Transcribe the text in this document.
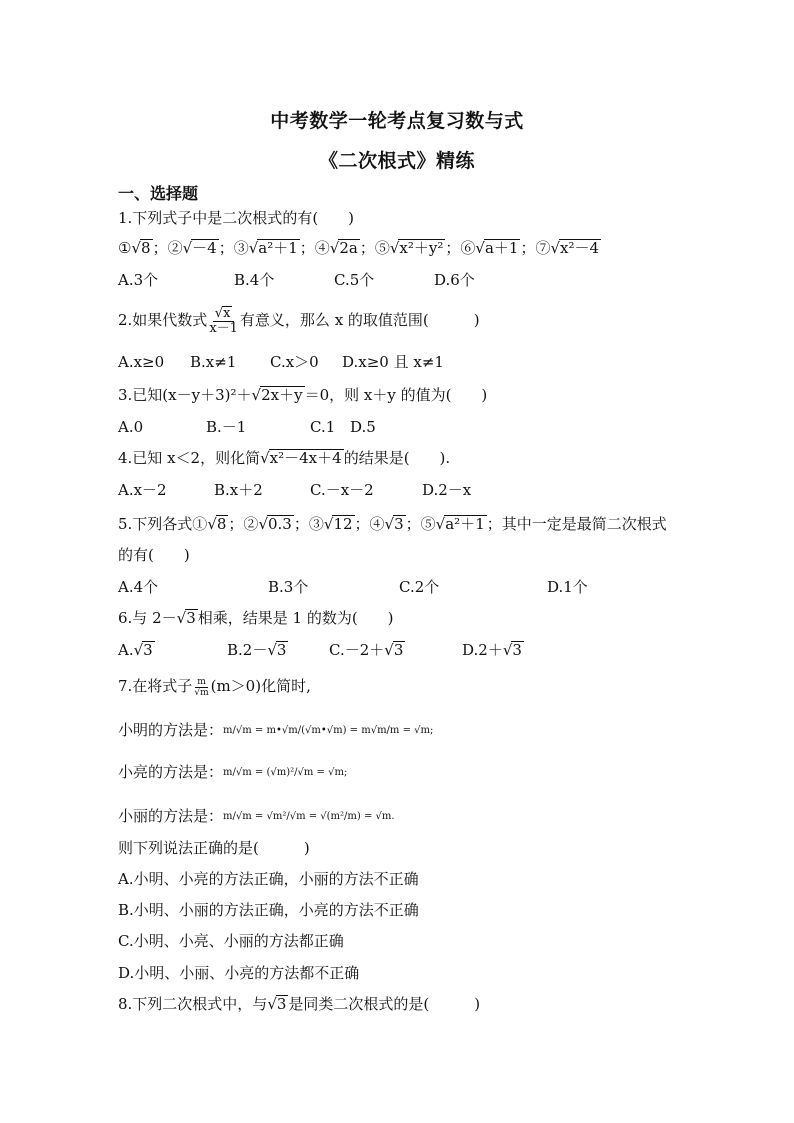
中考数学一轮考点复习数与式
《二次根式》精练
一、选择题
1.下列式子中是二次根式的有(　　)
①√8 ；②√－4 ；③√a²＋1 ；④√2a ；⑤√x²＋y² ；⑥√a＋1 ；⑦√x²－4
A.3个	B.4个	C.5个	D.6个
2.如果代数式 $\frac{√x}{x-1}$ 有意义，那么 x 的取值范围(　　　)
A.x≥0 B.x≠1 C.x＞0 D.x≥0 且 x≠1
3.已知(x－y＋3)²＋√2x＋y ＝0，则 x＋y 的值为(　　)
A.0	B.－1	C.1 D.5
4.已知 x＜2，则化简√x²－4x＋4 的结果是(　　).
A.x－2	B.x＋2	C.－x－2	D.2－x
5.下列各式①√8 ；②√0.3 ；③√12 ；④√3 ；⑤√a²＋1 ；其中一定是最简二次根式
的有(　　)
A.4个	B.3个	C.2个	D.1个
6.与 2－√3 相乘，结果是 1 的数为(　　)
A.√3	B.2－√3	C.－2＋√3	D.2＋√3
7.在将式子 $\frac{m}{√m} (m>0)$化简时,
小明的方法是：m/√m = m•√m/(√m•√m) = m√m/m = √m;
小亮的方法是：m/√m = (√m)²/√m = √m;
小丽的方法是：m/√m = √m²/√m = √(m²/m) = √m.
则下列说法正确的是(　　　)
A.小明、小亮的方法正确，小丽的方法不正确
B.小明、小丽的方法正确，小亮的方法不正确
C.小明、小亮、小丽的方法都正确
D.小明、小丽、小亮的方法都不正确
8.下列二次根式中，与√3 是同类二次根式的是(　　　)
